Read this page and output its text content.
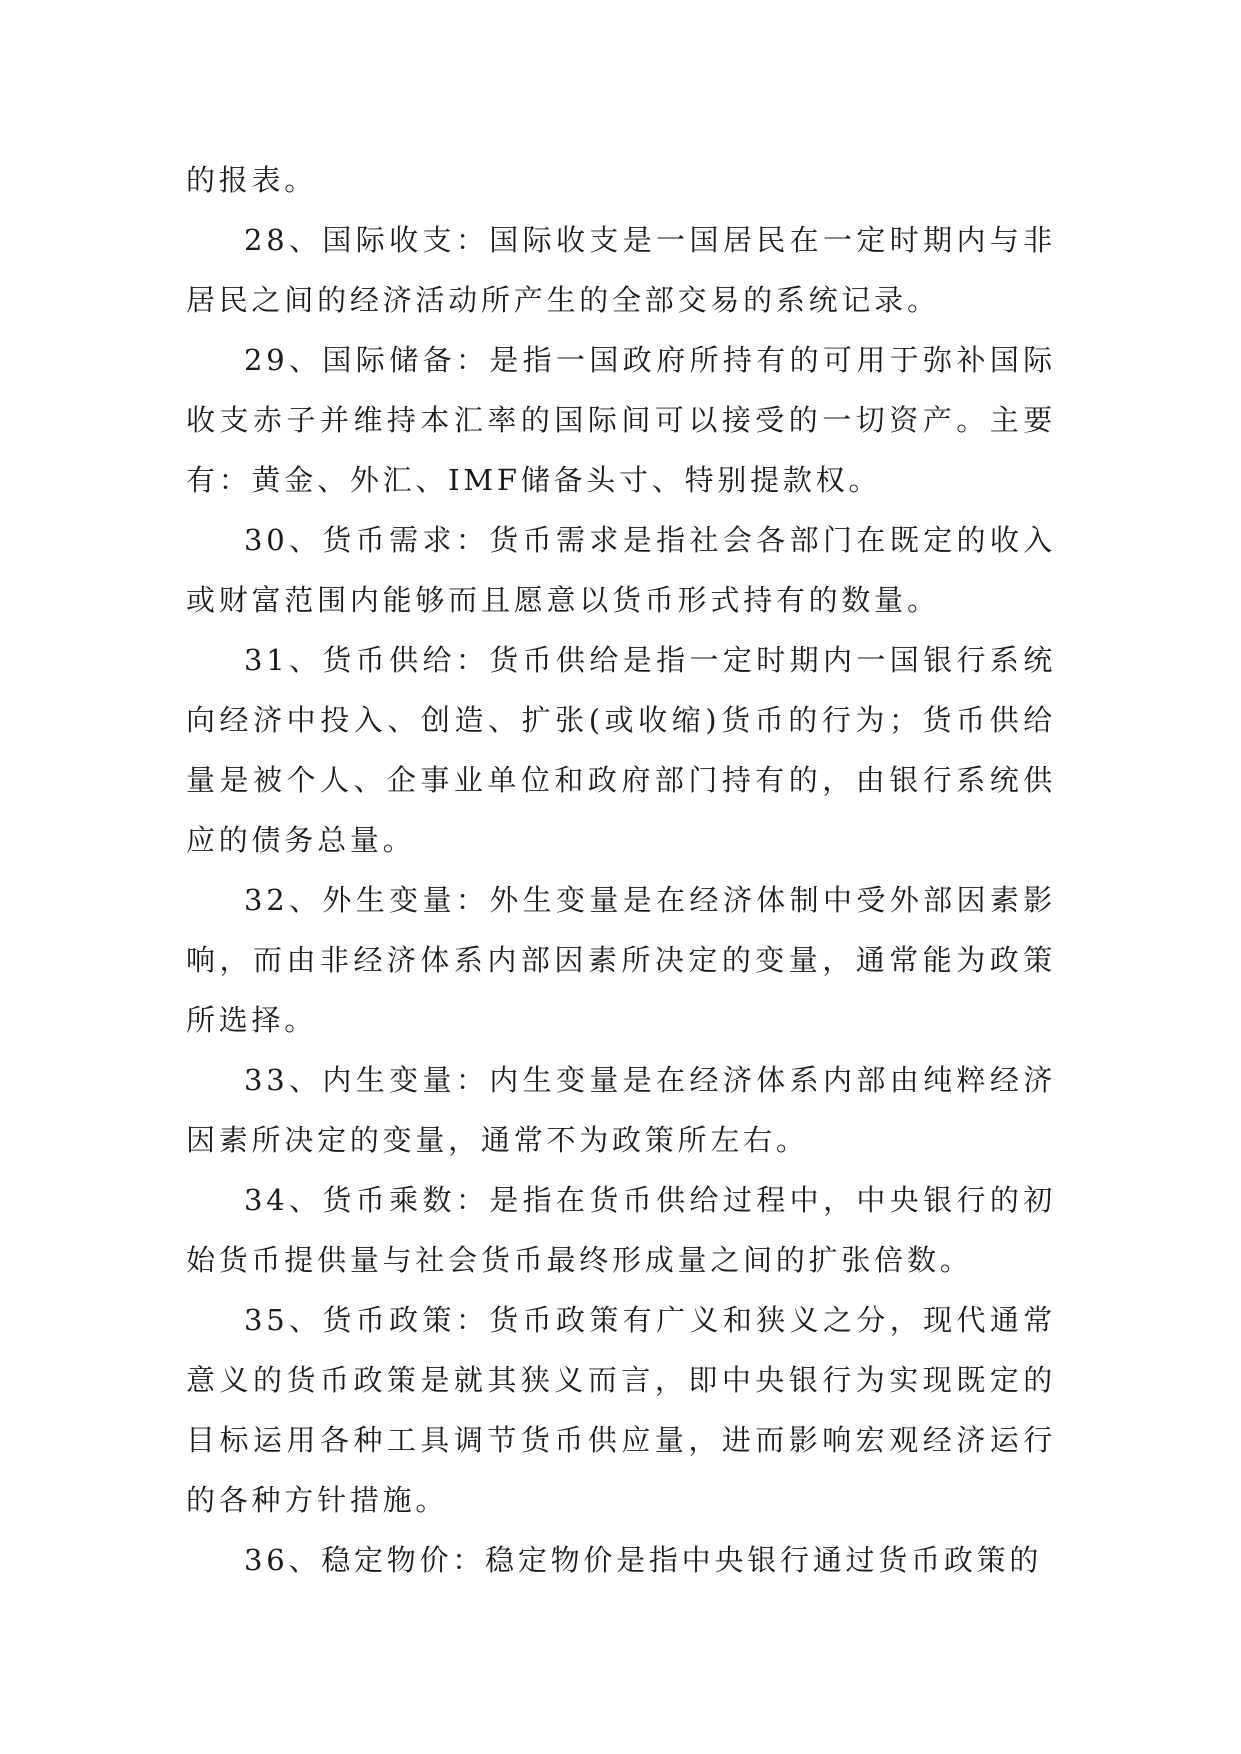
的报表。

28、国际收支：国际收支是一国居民在一定时期内与非居民之间的经济活动所产生的全部交易的系统记录。

29、国际储备：是指一国政府所持有的可用于弥补国际收支赤子并维持本汇率的国际间可以接受的一切资产。主要有：黄金、外汇、IMF储备头寸、特别提款权。

30、货币需求：货币需求是指社会各部门在既定的收入或财富范围内能够而且愿意以货币形式持有的数量。

31、货币供给：货币供给是指一定时期内一国银行系统向经济中投入、创造、扩张(或收缩)货币的行为；货币供给量是被个人、企事业单位和政府部门持有的，由银行系统供应的债务总量。

32、外生变量：外生变量是在经济体制中受外部因素影响，而由非经济体系内部因素所决定的变量，通常能为政策所选择。

33、内生变量：内生变量是在经济体系内部由纯粹经济因素所决定的变量，通常不为政策所左右。

34、货币乘数：是指在货币供给过程中，中央银行的初始货币提供量与社会货币最终形成量之间的扩张倍数。

35、货币政策：货币政策有广义和狭义之分，现代通常意义的货币政策是就其狭义而言，即中央银行为实现既定的目标运用各种工具调节货币供应量，进而影响宏观经济运行的各种方针措施。

36、稳定物价：稳定物价是指中央银行通过货币政策的
